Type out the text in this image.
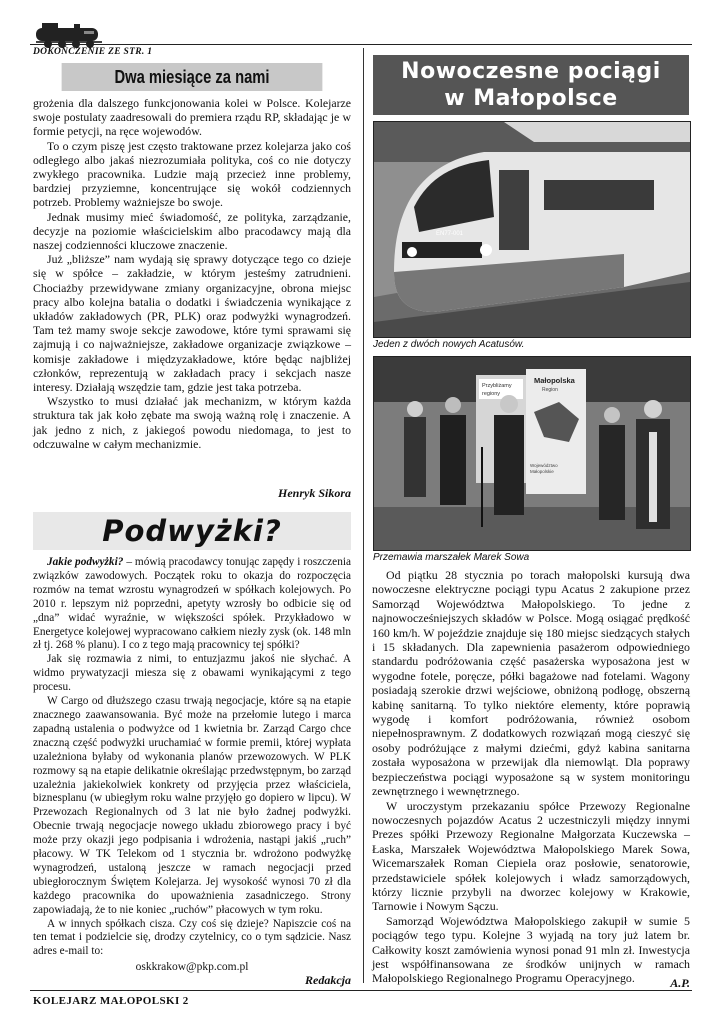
DOKOŃCZENIE ZE STR. 1
Dwa miesiące za nami

grożenia dla dalszego funkcjonowania kolei w Polsce. Kolejarze swoje postulaty zaadresowali do premiera rządu RP, składając je w formie petycji, na ręce wojewodów.

To o czym piszę jest często traktowane przez kolejarza jako coś odległego albo jakaś niezrozumiała polityka, coś co nie dotyczy zwykłego pracownika. Ludzie mają przecież inne problemy, bardziej przyziemne, koncentrujące się wokół codziennych potrzeb. Problemy ważniejsze bo swoje.

Jednak musimy mieć świadomość, ze polityka, zarządzanie, decyzje na poziomie właścicielskim albo pracodawcy mają dla naszej codzienności kluczowe znaczenie.

Już „bliższe” nam wydają się sprawy dotyczące tego co dzieje się w spółce – zakładzie, w którym jesteśmy zatrudnieni. Chociażby przewidywane zmiany organizacyjne, obrona miejsc pracy albo kolejna batalia o dodatki i świadczenia wynikające z układów zakładowych (PR, PLK) oraz podwyżki wynagrodzeń. Tam też mamy swoje sekcje zawodowe, które tymi sprawami się zajmują i co najważniejsze, zakładowe organizacje związkowe – komisje zakładowe i międzyzakładowe, które będąc najbliżej członków, reprezentują w zakładach pracy i sekcjach nasze interesy. Działają wszędzie tam, gdzie jest taka potrzeba.

Wszystko to musi działać jak mechanizm, w którym każda struktura tak jak koło zębate ma swoją ważną rolę i znaczenie. A jak jedno z nich, z jakiegoś powodu niedomaga, to jest to odczuwalne w całym mechanizmie.

Henryk Sikora
Podwyżki?

Jakie podwyżki? – mówią pracodawcy tonując zapędy i roszczenia związków zawodowych. Początek roku to okazja do rozpoczęcia rozmów na temat wzrostu wynagrodzeń w spółkach kolejowych. Po 2010 r. lepszym niż poprzedni, apetyty wzrosły bo odbicie się od „dna” widać wyraźnie, w większości spółek. Przykładowo w Energetyce kolejowej wypracowano całkiem niezły zysk (ok. 148 mln zł tj. 268 % planu). I co z tego mają pracownicy tej spółki?

Jak się rozmawia z nimi, to entuzjazmu jakoś nie słychać. A widmo prywatyzacji miesza się z obawami wynikającymi z tego procesu.

W Cargo od dłuższego czasu trwają negocjacje, które są na etapie znacznego zaawansowania. Być może na przełomie lutego i marca zapadną ustalenia o podwyżce od 1 kwietnia br. Zarząd Cargo chce znaczną część podwyżki uruchamiać w formie premii, której wypłata uzależniona byłaby od wykonania planów przewozowych. W PLK rozmowy są na etapie delikatnie określając przedwstępnym, bo zarząd uzależnia jakiekolwiek konkrety od przyjęcia przez właściciela, biznesplanu (w ubiegłym roku walne przyjęło go dopiero w lipcu). W Przewozach Regionalnych od 3 lat nie było żadnej podwyżki. Obecnie trwają negocjacje nowego układu zbiorowego pracy i być może przy okazji jego podpisania i wdrożenia, nastąpi jakiś „ruch” płacowy. W TK Telekom od 1 stycznia br. wdrożono podwyżkę wynagrodzeń, ustaloną jeszcze w ramach negocjacji przed ubiegłorocznym Świętem Kolejarza. Jej wysokość wynosi 70 zł dla każdego pracownika do upoważnienia zasadniczego. Strony zapowiadają, że to nie koniec „ruchów” płacowych w tym roku.

A w innych spółkach cisza. Czy coś się dzieje? Napiszcie coś na ten temat i podzielcie się, drodzy czytelnicy, co o tym sądzicie. Nasz adres e-mail to:

oskkrakow@pkp.com.pl
Redakcja
Nowoczesne pociągi
w Małopolsce
EN77-001
Jeden z dwóch nowych Acatusów.
Przybliżamy
regiony
Małopolska
Region
Województwo
Małopolskie
Przemawia marszałek Marek Sowa

Od piątku 28 stycznia po torach małopolski kursują dwa nowoczesne elektryczne pociągi typu Acatus 2 zakupione przez Samorząd Województwa Małopolskiego. To jedne z najnowocześniejszych składów w Polsce. Mogą osiągać prędkość 160 km/h. W pojeździe znajduje się 180 miejsc siedzących stałych i 15 składanych. Dla zapewnienia pasażerom odpowiedniego standardu podróżowania część pasażerska wyposażona jest w wygodne fotele, poręcze, półki bagażowe nad fotelami. Wagony posiadają szerokie drzwi wejściowe, obniżoną podłogę, obszerną kabinę sanitarną. To tylko niektóre elementy, które poprawią wygodę i komfort podróżowania, również osobom niepełnosprawnym. Z dodatkowych rozwiązań mogą cieszyć się osoby podróżujące z małymi dziećmi, gdyż kabina sanitarna została wyposażona w przewijak dla niemowląt. Dla poprawy bezpieczeństwa pociągi wyposażone są w system monitoringu zewnętrznego i wewnętrznego.

W uroczystym przekazaniu spółce Przewozy Regionalne nowoczesnych pojazdów Acatus 2 uczestniczyli między innymi Prezes spółki Przewozy Regionalne Małgorzata Kuczewska – Łaska, Marszałek Województwa Małopolskiego Marek Sowa, Wicemarszałek Roman Ciepiela oraz posłowie, senatorowie, przedstawiciele spółek kolejowych i władz samorządowych, którzy licznie przybyli na dworzec kolejowy w Krakowie, Tarnowie i Nowym Sączu.

Samorząd Województwa Małopolskiego zakupił w sumie 5 pociągów tego typu. Kolejne 3 wyjadą na tory już latem br. Całkowity koszt zamówienia wynosi ponad 91 mln zł. Inwestycja jest współfinansowana ze środków unijnych w ramach Małopolskiego Regionalnego Programu Operacyjnego.	A.P.
KOLEJARZ MAŁOPOLSKI 2
